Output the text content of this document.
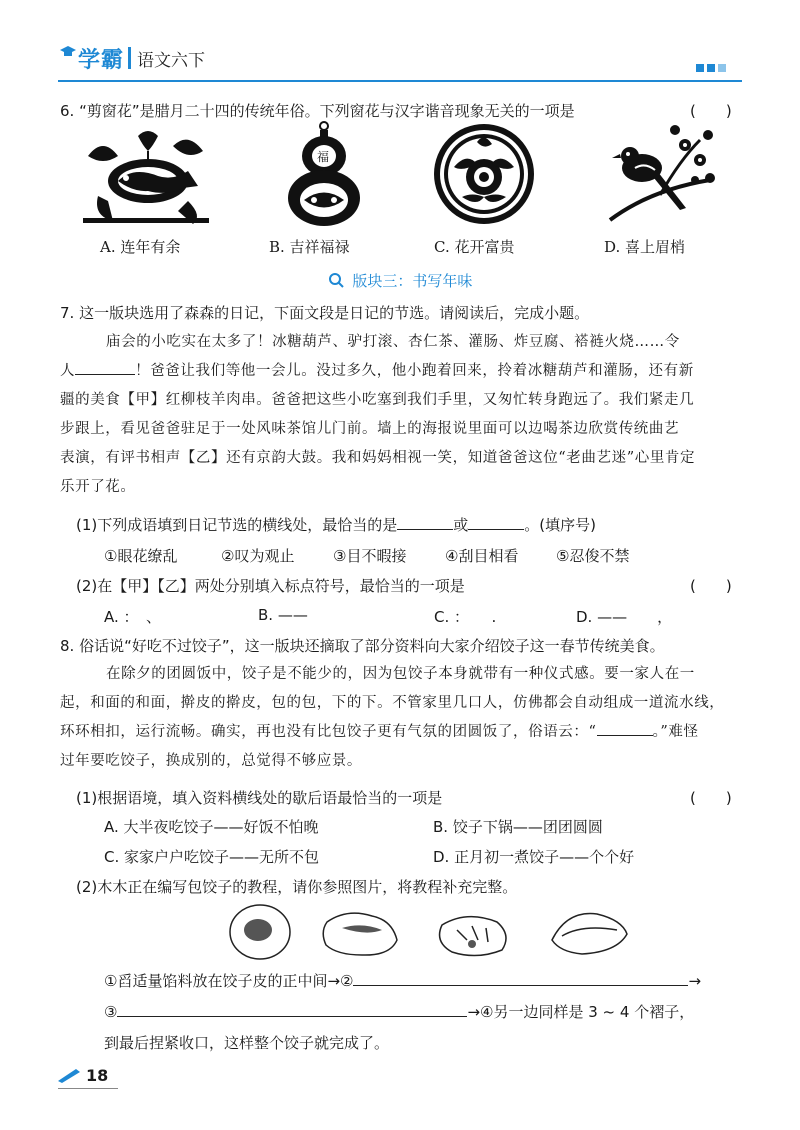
学霸 语文六下
6. “剪窗花”是腊月二十四的传统年俗。下列窗花与汉字谐音现象无关的一项是	(　　)
福
A. 连年有余	B. 吉祥福禄	C. 花开富贵	D. 喜上眉梢
版块三：书写年味
7. 这一版块选用了森森的日记，下面文段是日记的节选。请阅读后，完成小题。
庙会的小吃实在太多了！冰糖葫芦、驴打滚、杏仁茶、灌肠、炸豆腐、褡裢火烧……令
人	！爸爸让我们等他一会儿。没过多久，他小跑着回来，拎着冰糖葫芦和灌肠，还有新
疆的美食【甲】红柳枝羊肉串。爸爸把这些小吃塞到我们手里，又匆忙转身跑远了。我们紧走几
步跟上，看见爸爸驻足于一处风味茶馆儿门前。墙上的海报说里面可以边喝茶边欣赏传统曲艺
表演，有评书相声【乙】还有京韵大鼓。我和妈妈相视一笑，知道爸爸这位“老曲艺迷”心里肯定
乐开了花。
(1)下列成语填到日记节选的横线处，最恰当的是	或	。(填序号)
①眼花缭乱	②叹为观止	③目不暇接	④刮目相看	⑤忍俊不禁
(2)在【甲】【乙】两处分别填入标点符号，最恰当的一项是	(　　)
A. ：　、	B. ——	C. ：　　.	D. ——　　，
8. 俗话说“好吃不过饺子”，这一版块还摘取了部分资料向大家介绍饺子这一春节传统美食。
在除夕的团圆饭中，饺子是不能少的，因为包饺子本身就带有一种仪式感。要一家人在一
起，和面的和面，擀皮的擀皮，包的包，下的下。不管家里几口人，仿佛都会自动组成一道流水线，
环环相扣，运行流畅。确实，再也没有比包饺子更有气氛的团圆饭了，俗语云：“	。”难怪
过年要吃饺子，换成别的，总觉得不够应景。
(1)根据语境，填入资料横线处的歇后语最恰当的一项是	(　　)
A. 大半夜吃饺子——好饭不怕晚	B. 饺子下锅——团团圆圆
C. 家家户户吃饺子——无所不包	D. 正月初一煮饺子——个个好
(2)木木正在编写包饺子的教程，请你参照图片，将教程补充完整。
①舀适量馅料放在饺子皮的正中间→②	→
③	→④另一边同样是 3 ~ 4 个褶子，
到最后捏紧收口，这样整个饺子就完成了。
18
